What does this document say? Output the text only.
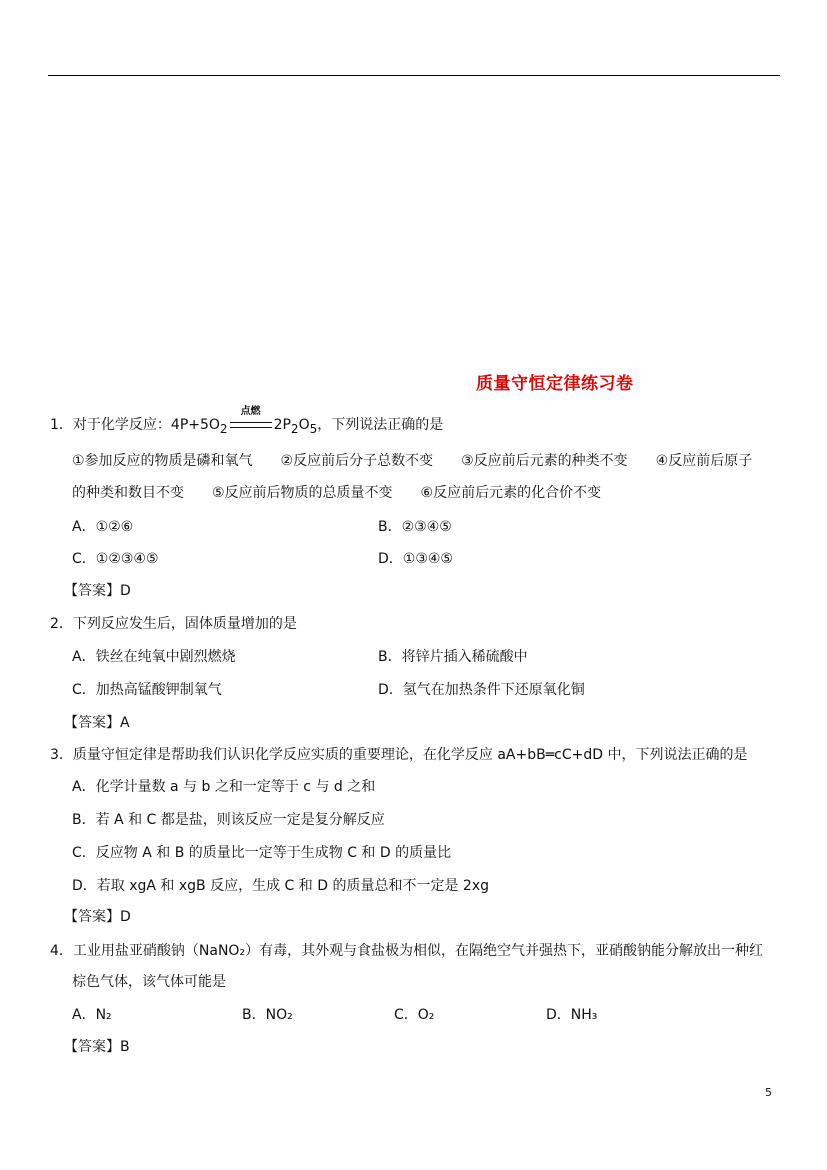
质量守恒定律练习卷
1．对于化学反应：$4P+5O_2$
点燃
$2P_2O_5$，下列说法正确的是
①参加反应的物质是磷和氧气　　②反应前后分子总数不变　　③反应前后元素的种类不变　　④反应前后原子
的种类和数目不变　　⑤反应前后物质的总质量不变　　⑥反应前后元素的化合价不变
A．①②⑥	B．②③④⑤
C．①②③④⑤	D．①③④⑤
【答案】D
2．下列反应发生后，固体质量增加的是
A．铁丝在纯氧中剧烈燃烧	B．将锌片插入稀硫酸中
C．加热高锰酸钾制氧气	D．氢气在加热条件下还原氧化铜
【答案】A
3．质量守恒定律是帮助我们认识化学反应实质的重要理论，在化学反应 aA+bB═cC+dD 中，下列说法正确的是
A．化学计量数 a 与 b 之和一定等于 c 与 d 之和
B．若 A 和 C 都是盐，则该反应一定是复分解反应
C．反应物 A 和 B 的质量比一定等于生成物 C 和 D 的质量比
D．若取 xgA 和 xgB 反应，生成 C 和 D 的质量总和不一定是 2xg
【答案】D
4．工业用盐亚硝酸钠（NaNO₂）有毒，其外观与食盐极为相似，在隔绝空气并强热下，亚硝酸钠能分解放出一种红
棕色气体，该气体可能是
A．N₂	B．NO₂	C．O₂	D．NH₃
【答案】B
5
